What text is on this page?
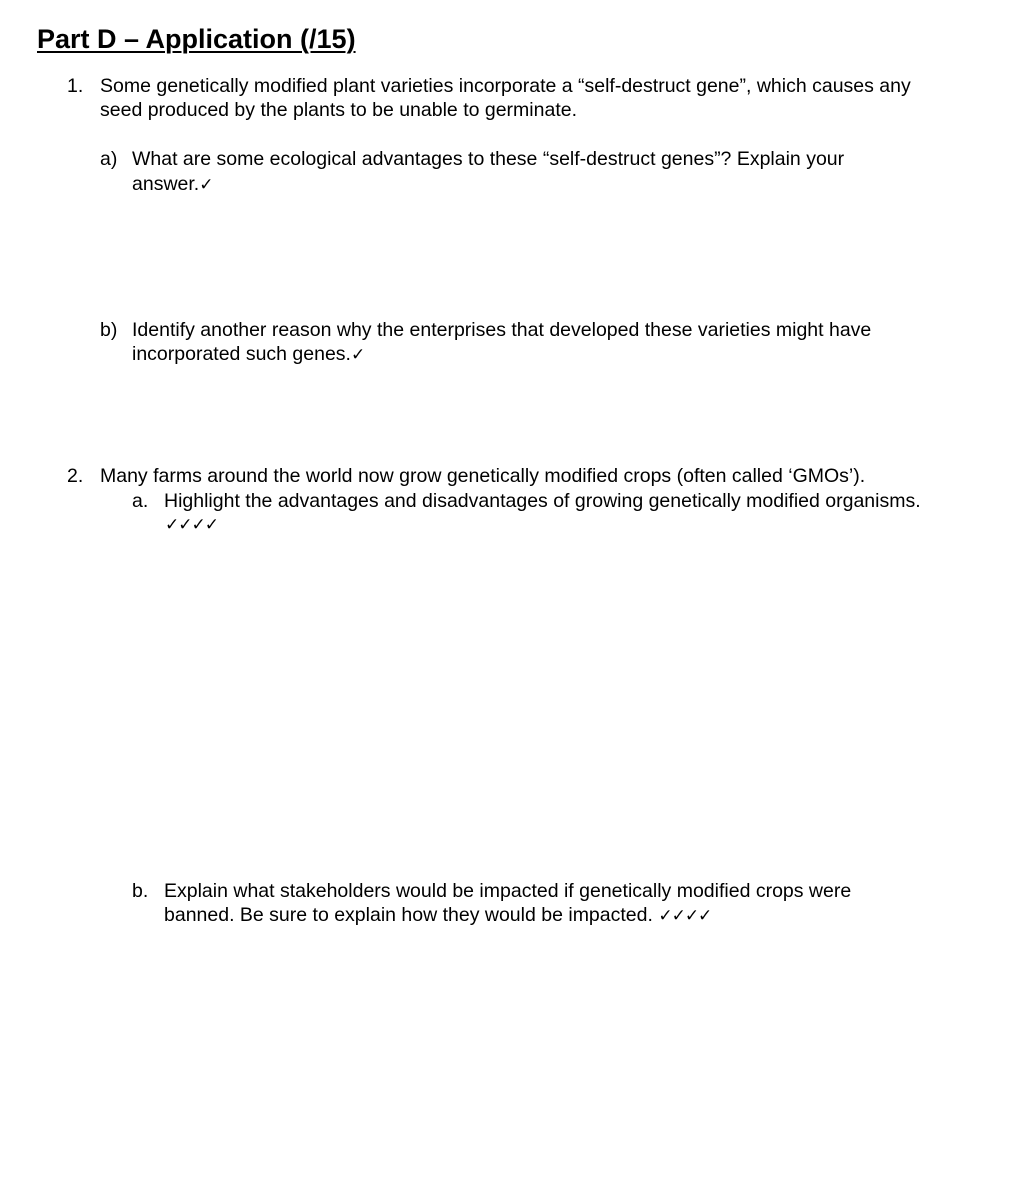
Part D – Application (/15)
1. Some genetically modified plant varieties incorporate a “self-destruct gene”, which causes any
seed produced by the plants to be unable to germinate.
a) What are some ecological advantages to these “self-destruct genes”? Explain your
answer.✓
b) Identify another reason why the enterprises that developed these varieties might have
incorporated such genes.✓
2. Many farms around the world now grow genetically modified crops (often called ‘GMOs’).
a. Highlight the advantages and disadvantages of growing genetically modified organisms.
✓✓✓✓
b. Explain what stakeholders would be impacted if genetically modified crops were
banned. Be sure to explain how they would be impacted. ✓✓✓✓
